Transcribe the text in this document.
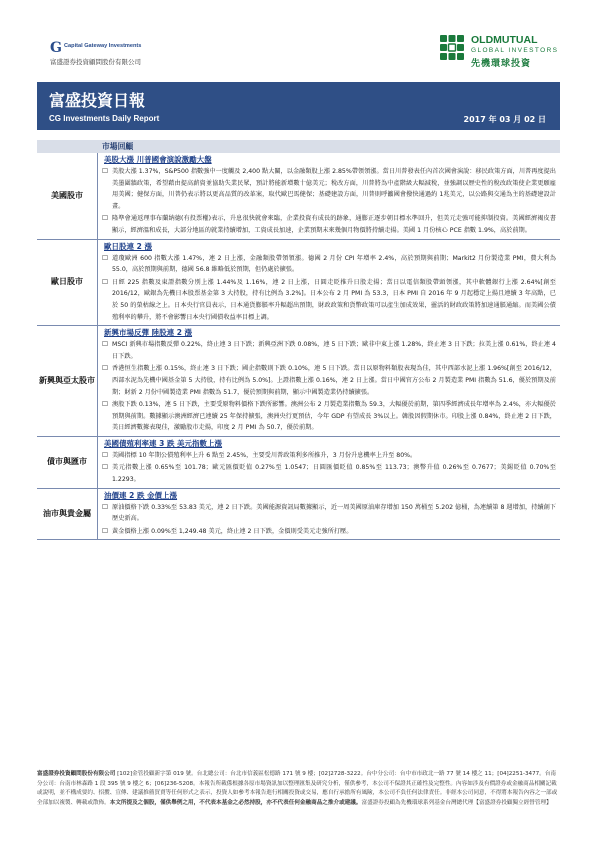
G Capital Gateway Investments
富盛證券投資顧問股份有限公司
OLDMUTUAL
GLOBAL INVESTORS
先機環球投資
富盛投資日報
CG Investments Daily Report	2017 年 03 月 02 日
市場回顧
美國股市
美股大漲 川普國會演說激勵大盤
☐ 美股大漲 1.37%，S&P500 指數強中一度觸及 2,400 點大關，以金融類股上漲 2.85%帶領領漲。當日川普發表任內首次國會演說：移民政策方面，川普再度提出美墨圍牆政策，希望藉由提高薪資並協助失業民眾，預計將能新增數十億美元；稅改方面，川普將為中產階級大幅減稅，並強調以歷史性的稅改政策使企業更願雇用美國；健保方面，川普仍表示將以更高品質的改革案，取代歐巴馬健保；基礎建設方面，川普則呼籲國會撥快通過約 1兆美元，以公路與交通為主的基礎建設計畫。
☐ 隆準會通返理事布蘭納德(有投票權)表示，升息很快就會來臨，企業投資有成長的跡象，通膨正逐步朝目標水準回升，但美元走強可能抑制投資。美國經濟褐皮書顯示，經濟溫和成長，大部分地區的就業持續增加，工資成長加速，企業預期未來幾個月物價將持續走揚。美國 1 月份核心 PCE 指數 1.9%，高於前期。
歐日股市
歐日股連 2 漲
☐ 道瓊歐洲 600 指數大漲 1.47%，連 2 日上漲，金融類股帶領領漲。德國 2 月份 CPI 年增率 2.4%，高於預期與前期；Markit2 月份製造業 PMI，費大利為 55.0，高於預期與前期，德國 56.8 維略低於預期，但仍處於擴張。
☐ 日經 225 指數及東證指數分別上漲 1.44%及 1.16%，連 2 日上漲，日圓走貶推升日股走揚；當日以電信類股帶頭領漲，其中軟體銀行上漲 2.64%[創至 2016/12，歐銀為先機日本股票基金第 3 大持股，持有比例為 3.2%]。日本公布 2 月 PMI 為 53.3，日本 PMI 自 2016 年 9 月起穩定上揚且連續 3 年高點，已於 50 的榮枯線之上。日本央行官員表示，日本通貨膨脹率升幅超出預期，財政政策和貨幣政策可以產生加成效果，靈活的財政政策將加速通脹通縮。而美國公債殖利率的攀升，將不會影響日本央行國債收益率目標上調。
新興與亞太股市
新興市場反彈 陸股連 2 漲
☐ MSCI 新興市場指數反彈 0.22%，終止連 3 日下跌；新興亞洲下跌 0.08%，連 5 日下跌；歐非中東上漲 1.28%，終止連 3 日下跌；拉美上漲 0.61%，終止連 4 日下跌。
☐ 香港恒生指數上漲 0.15%，終止連 3 日下跌；國企指數則下跌 0.10%，連 5 日下跌。當日以原物料類股表現為佳，其中西部水泥上漲 1.96%[創至 2016/12，西部水泥為先機中國基金第 5 大持股，持有比例為 5.0%]。上證指數上漲 0.16%，連 2 日上漲。當日中國官方公布 2 月製造業 PMI 指數為 51.6，優於預期及前期；財新 2 月份中國製造業 PMI 指數為 51.7，優於預期與前期，顯示中國製造業仍持續擴張。
☐ 澳股下跌 0.13%，連 5 日下跌，主要受原物料價格下跌所影響。澳洲公布 2 月製造業指數為 59.3，大幅優於前期，第四季經濟成長年增率為 2.4%，亦大幅優於預期與前期。數據顯示澳洲經濟已連續 25 年保持擴張，澳洲央行更預估，今年 GDP 有望成長 3%以上。韓股因假期休市。印股上漲 0.84%，終止連 2 日下跌，美日經濟數據表現佳，激勵股市走揚，印度 2 月 PMI 為 50.7，優於前期。
債市與匯市
美國債殖利率連 3 跌 美元指數上漲
☐ 美國指標 10 年期公債殖利率上升 6 點至 2.45%，主要受川普政策利多所推升，3 月份升息機率上升至 80%。
☐ 美元指數上漲 0.65%至 101.78；歐元匯價貶值 0.27%至 1.0547；日圓匯價貶值 0.85%至 113.73；澳幣升值 0.26%至 0.7677；美錫貶值 0.70%至 1.2293。
油市與貴金屬
油價連 2 跌 金價上漲
☐ 原油價格下跌 0.33%至 53.83 美元，連 2 日下跌。美國能源資訊局數據顯示，近一周美國原油庫存增加 150 萬桶至 5.202 億桶，為連續第 8 週增加，持續創下歷史新高。
☐ 黃金價格上漲 0.09%至 1,249.48 美元，終止連 2 日下跌，金價則受美元走強所打壓。
富盛證券投資顧問股份有限公司 [102]金管投顧新字第 019 號。台北總公司：台北市信義區松德路 171 號 9 樓；[02]2728-3222。台中分公司：台中市市政北一路 77 號 14 樓之 11；[04]2251-3477。台南分公司：台南市林森路 1 段 395 號 9 樓之 6；[06]236-5208。本報告所載係根據各原市場資訊加以整理匯集及研究分析，僅供參考，本公司不保證其正確性及完整性。內容如涉及有價證券或金融商品相關記載或說明，並不構成要約、招攬、宣傳、建議推薦買賣等任何形式之表示，投資人如參考本報告進行相關投資或交易，應自行承擔所有風險，本公司不負任何法律責任。非經本公司同意，不得將本報告內容之一部或全部加以複製、轉載或散佈。本文所提及之個股，僅供舉例之用，不代表本基金之必然持股，亦不代表任何金融商品之推介或建議。富盛證券投顧為先機環球系列基金台灣總代理【富盛證券投顧獨立經營管理】
